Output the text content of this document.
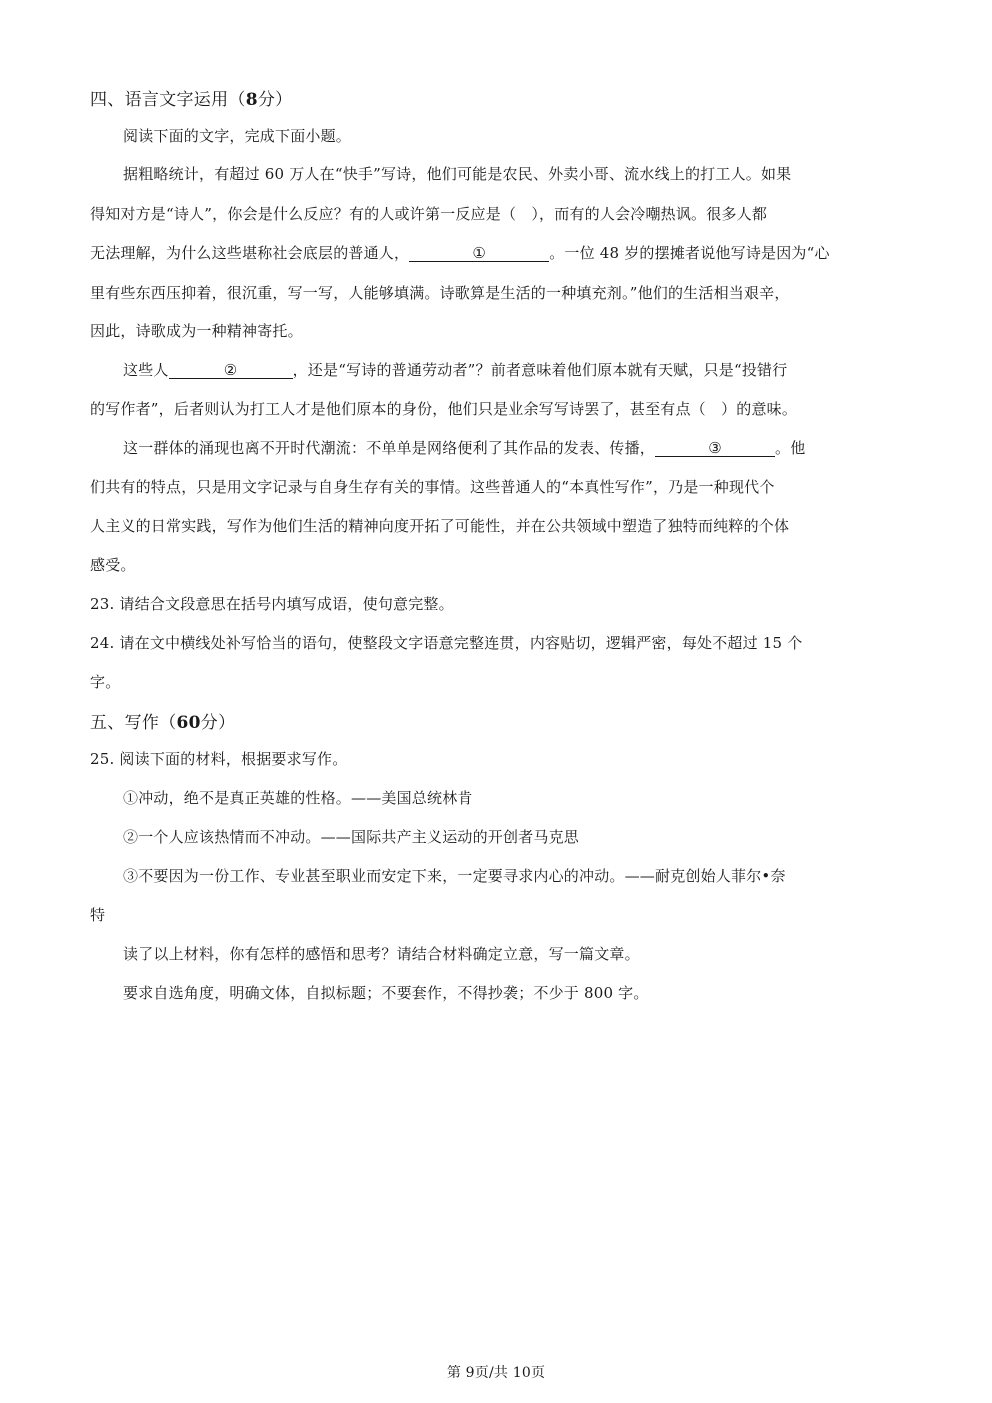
四、语言文字运用（8分）
阅读下面的文字，完成下面小题。
据粗略统计，有超过 60 万人在“快手”写诗，他们可能是农民、外卖小哥、流水线上的打工人。如果
得知对方是“诗人”，你会是什么反应？有的人或许第一反应是（　），而有的人会冷嘲热讽。很多人都
无法理解，为什么这些堪称社会底层的普通人，	①	。一位 48 岁的摆摊者说他写诗是因为“心
里有些东西压抑着，很沉重，写一写，人能够填满。诗歌算是生活的一种填充剂。”他们的生活相当艰辛，
因此，诗歌成为一种精神寄托。
这些人	②	，还是“写诗的普通劳动者”？前者意味着他们原本就有天赋，只是“投错行
的写作者”，后者则认为打工人才是他们原本的身份，他们只是业余写写诗罢了，甚至有点（　）的意味。
这一群体的涌现也离不开时代潮流：不单单是网络便利了其作品的发表、传播，	③	。他
们共有的特点，只是用文字记录与自身生存有关的事情。这些普通人的“本真性写作”，乃是一种现代个
人主义的日常实践，写作为他们生活的精神向度开拓了可能性，并在公共领域中塑造了独特而纯粹的个体
感受。
23. 请结合文段意思在括号内填写成语，使句意完整。
24. 请在文中横线处补写恰当的语句，使整段文字语意完整连贯，内容贴切，逻辑严密，每处不超过 15 个
字。
五、写作（60分）
25. 阅读下面的材料，根据要求写作。
①冲动，绝不是真正英雄的性格。——美国总统林肯
②一个人应该热情而不冲动。——国际共产主义运动的开创者马克思
③不要因为一份工作、专业甚至职业而安定下来，一定要寻求内心的冲动。——耐克创始人菲尔•奈
特
读了以上材料，你有怎样的感悟和思考？请结合材料确定立意，写一篇文章。
要求自选角度，明确文体，自拟标题；不要套作，不得抄袭；不少于 800 字。
第 9页/共 10页
